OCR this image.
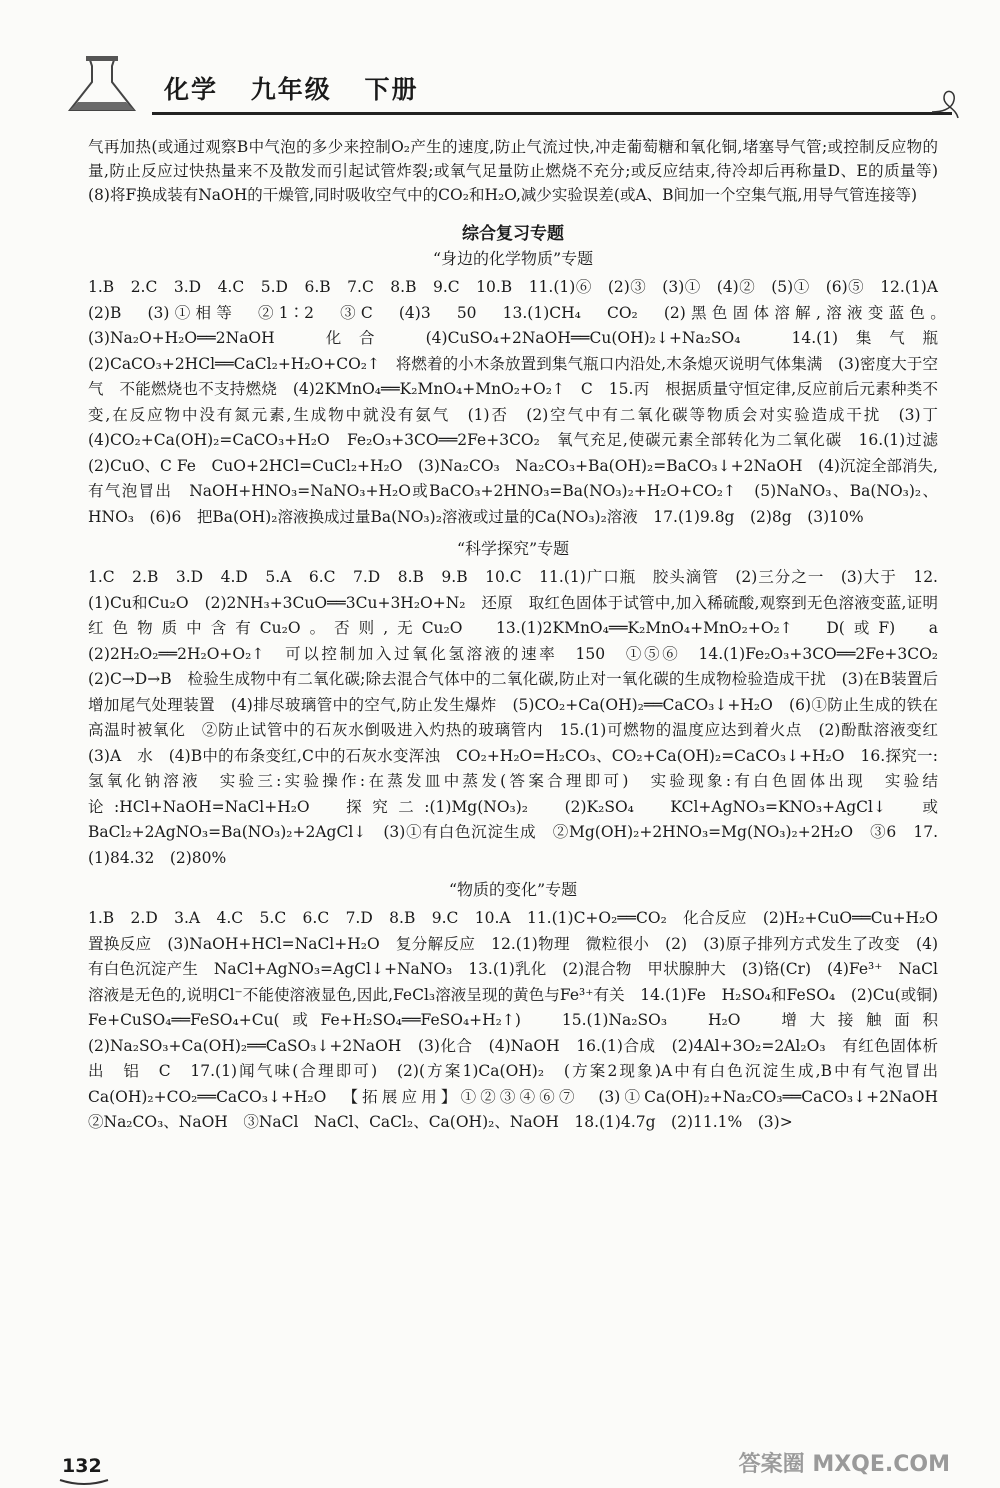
化学 九年级 下册

气再加热(或通过观察B中气泡的多少来控制O₂产生的速度,防止气流过快,冲走葡萄糖和氧化铜,堵塞导气管;或控制反应物的量,防止反应过快热量来不及散发而引起试管炸裂;或氧气足量防止燃烧不充分;或反应结束,待冷却后再称量D、E的质量等) (8)将F换成装有NaOH的干燥管,同时吸收空气中的CO₂和H₂O,减少实验误差(或A、B间加一个空集气瓶,用导气管连接等)

综合复习专题
“身边的化学物质”专题

1.B　2.C　3.D　4.C　5.D　6.B　7.C　8.B　9.C　10.B　11.(1)⑥　(2)③　(3)①　(4)②　(5)①　(6)⑤　12.(1)A　(2)B　(3)①相等　②1∶2　③C　(4)3　50　13.(1)CH₄　CO₂　(2)黑色固体溶解,溶液变蓝色。　(3)Na₂O+H₂O══2NaOH　化合　(4)CuSO₄+2NaOH══Cu(OH)₂↓+Na₂SO₄　14.(1)集气瓶　(2)CaCO₃+2HCl══CaCl₂+H₂O+CO₂↑　将燃着的小木条放置到集气瓶口内沿处,木条熄灭说明气体集满　(3)密度大于空气　不能燃烧也不支持燃烧　(4)2KMnO₄══K₂MnO₄+MnO₂+O₂↑　C　15.丙　根据质量守恒定律,反应前后元素种类不变,在反应物中没有氮元素,生成物中就没有氨气　(1)否　(2)空气中有二氧化碳等物质会对实验造成干扰　(3)丁　(4)CO₂+Ca(OH)₂=CaCO₃+H₂O　Fe₂O₃+3CO══2Fe+3CO₂　氧气充足,使碳元素全部转化为二氧化碳　16.(1)过滤　(2)CuO、C Fe　CuO+2HCl=CuCl₂+H₂O　(3)Na₂CO₃　Na₂CO₃+Ba(OH)₂=BaCO₃↓+2NaOH　(4)沉淀全部消失,有气泡冒出　NaOH+HNO₃=NaNO₃+H₂O或BaCO₃+2HNO₃=Ba(NO₃)₂+H₂O+CO₂↑　(5)NaNO₃、Ba(NO₃)₂、HNO₃　(6)6　把Ba(OH)₂溶液换成过量Ba(NO₃)₂溶液或过量的Ca(NO₃)₂溶液　17.(1)9.8g　(2)8g　(3)10%

“科学探究”专题

1.C　2.B　3.D　4.D　5.A　6.C　7.D　8.B　9.B　10.C　11.(1)广口瓶　胶头滴管　(2)三分之一　(3)大于　12.(1)Cu和Cu₂O　(2)2NH₃+3CuO══3Cu+3H₂O+N₂　还原　取红色固体于试管中,加入稀硫酸,观察到无色溶液变蓝,证明红色物质中含有Cu₂O。否则,无Cu₂O　13.(1)2KMnO₄══K₂MnO₄+MnO₂+O₂↑　D(或F)　a　(2)2H₂O₂══2H₂O+O₂↑　可以控制加入过氧化氢溶液的速率　150　①⑤⑥　14.(1)Fe₂O₃+3CO══2Fe+3CO₂　(2)C→D→B　检验生成物中有二氧化碳;除去混合气体中的二氧化碳,防止对一氧化碳的生成物检验造成干扰　(3)在B装置后增加尾气处理装置　(4)排尽玻璃管中的空气,防止发生爆炸　(5)CO₂+Ca(OH)₂══CaCO₃↓+H₂O　(6)①防止生成的铁在高温时被氧化　②防止试管中的石灰水倒吸进入灼热的玻璃管内　15.(1)可燃物的温度应达到着火点　(2)酚酞溶液变红　(3)A　水　(4)B中的布条变红,C中的石灰水变浑浊　CO₂+H₂O=H₂CO₃、CO₂+Ca(OH)₂=CaCO₃↓+H₂O　16.探究一:氢氧化钠溶液　实验三:实验操作:在蒸发皿中蒸发(答案合理即可)　实验现象:有白色固体出现　实验结论:HCl+NaOH=NaCl+H₂O　探究二:(1)Mg(NO₃)₂　(2)K₂SO₄　KCl+AgNO₃=KNO₃+AgCl↓　或BaCl₂+2AgNO₃=Ba(NO₃)₂+2AgCl↓　(3)①有白色沉淀生成　②Mg(OH)₂+2HNO₃=Mg(NO₃)₂+2H₂O　③6　17.(1)84.32　(2)80%

“物质的变化”专题

1.B　2.D　3.A　4.C　5.C　6.C　7.D　8.B　9.C　10.A　11.(1)C+O₂══CO₂　化合反应　(2)H₂+CuO══Cu+H₂O　置换反应　(3)NaOH+HCl=NaCl+H₂O　复分解反应　12.(1)物理　微粒很小　(2)　(3)原子排列方式发生了改变　(4)有白色沉淀产生　NaCl+AgNO₃=AgCl↓+NaNO₃　13.(1)乳化　(2)混合物　甲状腺肿大　(3)铬(Cr)　(4)Fe³⁺　NaCl溶液是无色的,说明Cl⁻不能使溶液显色,因此,FeCl₃溶液呈现的黄色与Fe³⁺有关　14.(1)Fe　H₂SO₄和FeSO₄　(2)Cu(或铜)　Fe+CuSO₄══FeSO₄+Cu(或Fe+H₂SO₄══FeSO₄+H₂↑)　15.(1)Na₂SO₃　H₂O　增大接触面积　(2)Na₂SO₃+Ca(OH)₂══CaSO₃↓+2NaOH　(3)化合　(4)NaOH　16.(1)合成　(2)4Al+3O₂=2Al₂O₃　有红色固体析出　铝　C　17.(1)闻气味(合理即可)　(2)(方案1)Ca(OH)₂　(方案2现象)A中有白色沉淀生成,B中有气泡冒出　Ca(OH)₂+CO₂══CaCO₃↓+H₂O　【拓展应用】①②③④⑥⑦　(3)①Ca(OH)₂+Na₂CO₃══CaCO₃↓+2NaOH　②Na₂CO₃、NaOH　③NaCl　NaCl、CaCl₂、Ca(OH)₂、NaOH　18.(1)4.7g　(2)11.1%　(3)>

132	答案圈 MXQE.COM
